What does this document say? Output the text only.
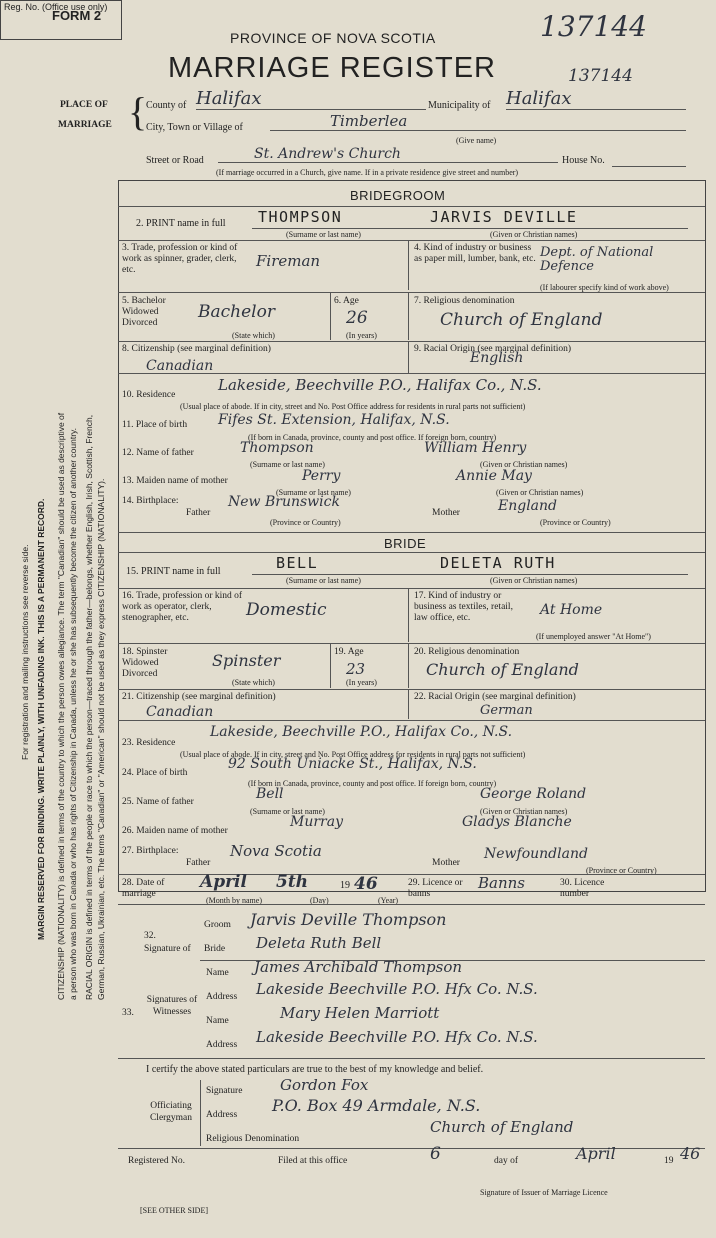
For registration and mailing instructions see reverse side. MARGIN RESERVED FOR BINDING. WRITE PLAINLY, WITH UNFADING INK. THIS IS A PERMANENT RECORD. CITIZENSHIP (NATIONALITY) is defined in terms of the country to which the person owes allegiance. The term "Canadian" should be used as descriptive of a person who was born in Canada or who has rights of Citizenship in Canada, unless he or she has subsequently become the citizen of another country. RACIAL ORIGIN is defined in terms of the people or race to which the person—traced through the father—belongs, whether English, Irish, Scottish, French, German, Russian, Ukrainian, etc. The terms "Canadian" or "American" should not be used as they express CITIZENSHIP (NATIONALITY).
FORM 2
PROVINCE OF NOVA SCOTIA
MARRIAGE REGISTER
137144
Reg. No. (Office use only)
137144
PLACE OF
MARRIAGE {
County of Halifax	Municipality of Halifax
City, Town or Village of	Timberlea
(Give name)
Street or Road	St. Andrew's Church	House No.
(If marriage occurred in a Church, give name. If in a private residence give street and number)
BRIDEGROOM
2. PRINT name in full THOMPSON	JARVIS DEVILLE
(Surname or last name)	(Given or Christian names)
3. Trade, profession or kind of work as spinner, grader, clerk, etc.	Fireman
4. Kind of industry or business as paper mill, lumber, bank, etc. Dept. of National Defence
(If labourer specify kind of work above)
5. Bachelor Widowed Divorced
Bachelor
(State which)
6. Age
26
(In years)
7. Religious denomination
Church of England
8. Citizenship (see marginal definition)
Canadian
9. Racial Origin (see marginal definition)
English
10. Residence
Lakeside, Beechville P.O., Halifax Co., N.S.
(Usual place of abode. If in city, street and No. Post Office address for residents in rural parts not sufficient)
11. Place of birth Fifes St. Extension, Halifax, N.S.
(If born in Canada, province, county and post office. If foreign born, country)
12. Name of father	Thompson	William Henry
(Surname or last name)	(Given or Christian names)
13. Maiden name of mother	Perry	Annie May
(Surname or last name)	(Given or Christian names)
14. Birthplace:
Father
New Brunswick
Mother	England
(Province or Country)	(Province or Country)
BRIDE
15. PRINT name in full	BELL	DELETA RUTH
(Surname or last name)	(Given or Christian names)
16. Trade, profession or kind of work as operator, clerk, stenographer, etc.	Domestic
17. Kind of industry or business as textiles, retail, law office, etc.	At Home
(If unemployed answer "At Home")
18. Spinster Widowed Divorced
Spinster
(State which)
19. Age
23
(In years)
20. Religious denomination
Church of England
21. Citizenship (see marginal definition)
Canadian
22. Racial Origin (see marginal definition)
German
23. Residence
Lakeside, Beechville P.O., Halifax Co., N.S.
(Usual place of abode. If in city, street and No. Post Office address for residents in rural parts not sufficient)
24. Place of birth
92 South Uniacke St., Halifax, N.S.
(If born in Canada, province, county and post office. If foreign born, country)
25. Name of father	Bell	George Roland
(Surname or last name)	(Given or Christian names)
26. Maiden name of mother
Murray	Gladys Blanche
27. Birthplace:
Father
Nova Scotia
Mother
Newfoundland
(Province or Country)
28. Date of marriage
April 5th	19 46
(Month by name)	(Day)	(Year)
29. Licence or banns
Banns	30. Licence number
32. Signature of
Groom Jarvis Deville Thompson
Bride Deleta Ruth Bell
33.
Signatures of Witnesses
Name James Archibald Thompson
Address Lakeside Beechville P.O. Hfx Co. N.S.
Name	Mary Helen Marriott
Address Lakeside Beechville P.O. Hfx Co. N.S.
I certify the above stated particulars are true to the best of my knowledge and belief.
Officiating Clergyman
Signature	Gordon Fox
Address P.O. Box 49 Armdale, N.S.
Religious Denomination
Church of England
Registered No.	Filed at this office	6	day of	April	19 46
Signature of Issuer of Marriage Licence
[SEE OTHER SIDE]
